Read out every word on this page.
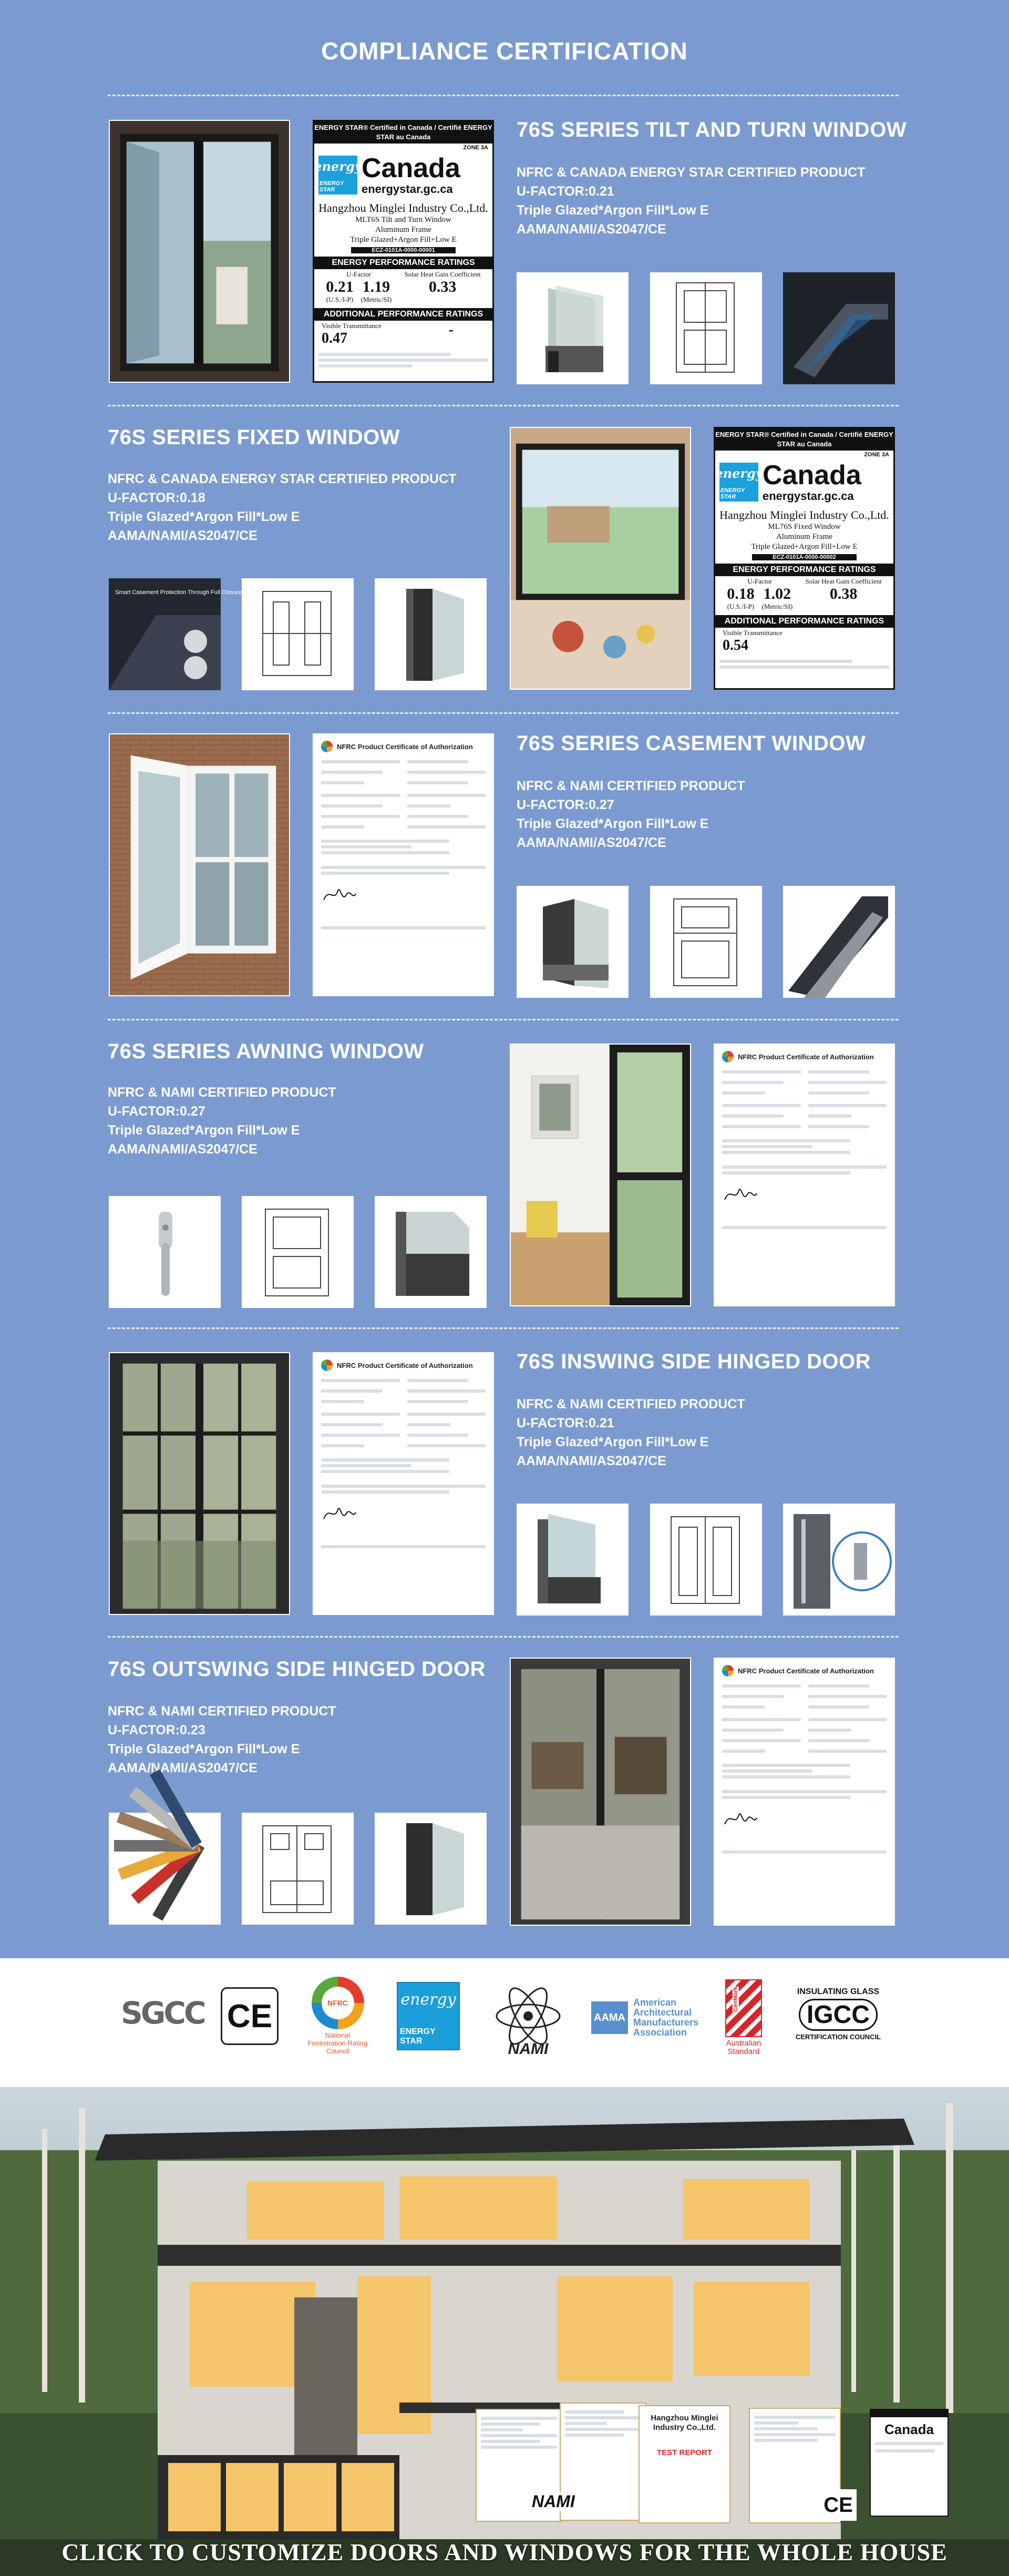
COMPLIANCE CERTIFICATION
ENERGY STAR® Certified in Canada / Certifié ENERGY STAR au Canada
ZONE 3A
energy
ENERGY STAR
Canada
energystar.gc.ca
Hangzhou Minglei Industry Co.,Ltd.
MLT6S Tilt and Turn Window
Aluminum Frame
Triple Glazed+Argon Fill+Low E
ECZ-0101A-0000-00001
ENERGY PERFORMANCE RATINGS
U-Factor
0.21
(U.S./I-P)
1.19
(Metric/SI)
Solar Heat Gain Coefficient
0.33
ADDITIONAL PERFORMANCE RATINGS
Visible Transmittance
0.47
-
76S SERIES TILT AND TURN WINDOW
NFRC & CANADA ENERGY STAR CERTIFIED PRODUCT
U-FACTOR:0.21
Triple Glazed*Argon Fill*Low E
AAMA/NAMI/AS2047/CE
76S SERIES FIXED WINDOW
NFRC & CANADA ENERGY STAR CERTIFIED PRODUCT
U-FACTOR:0.18
Triple Glazed*Argon Fill*Low E
AAMA/NAMI/AS2047/CE
Smart Casement Protection Through Full Closure
ENERGY STAR® Certified in Canada / Certifié ENERGY STAR au Canada
ZONE 3A
energy
ENERGY STAR
Canada
energystar.gc.ca
Hangzhou Minglei Industry Co.,Ltd.
ML76S Fixed Window
Aluminum Frame
Triple Glazed+Argon Fill+Low E
ECZ-0101A-0000-00002
ENERGY PERFORMANCE RATINGS
U-Factor
0.18
(U.S./I-P)
1.02
(Metric/SI)
Solar Heat Gain Coefficient
0.38
ADDITIONAL PERFORMANCE RATINGS
Visible Transmittance
0.54
NFRC Product Certificate of Authorization 76S SERIES CASEMENT WINDOW
NFRC & NAMI CERTIFIED PRODUCT
U-FACTOR:0.27
Triple Glazed*Argon Fill*Low E
AAMA/NAMI/AS2047/CE
76S SERIES AWNING WINDOW
NFRC & NAMI CERTIFIED PRODUCT
U-FACTOR:0.27
Triple Glazed*Argon Fill*Low E
AAMA/NAMI/AS2047/CE
NFRC Product Certificate of Authorization
NFRC Product Certificate of Authorization 76S INSWING SIDE HINGED DOOR
NFRC & NAMI CERTIFIED PRODUCT
U-FACTOR:0.21
Triple Glazed*Argon Fill*Low E
AAMA/NAMI/AS2047/CE
76S OUTSWING SIDE HINGED DOOR
NFRC & NAMI CERTIFIED PRODUCT
U-FACTOR:0.23
Triple Glazed*Argon Fill*Low E
AAMA/NAMI/AS2047/CE
NFRC Product Certificate of Authorization
SGCC CE	NFRC
National Fenestration Rating Council
energy
ENERGY STAR	NAMI
AAMA
American
Architectural
Manufacturers
Association
CertMark
Australian
Standard
INSULATING GLASS
IGCC
CERTIFICATION COUNCIL
Hangzhou Minglei
Industry Co.,Ltd.
TEST REPORT
Canada
NAMI	CE
CLICK TO CUSTOMIZE DOORS AND WINDOWS FOR THE WHOLE HOUSE
